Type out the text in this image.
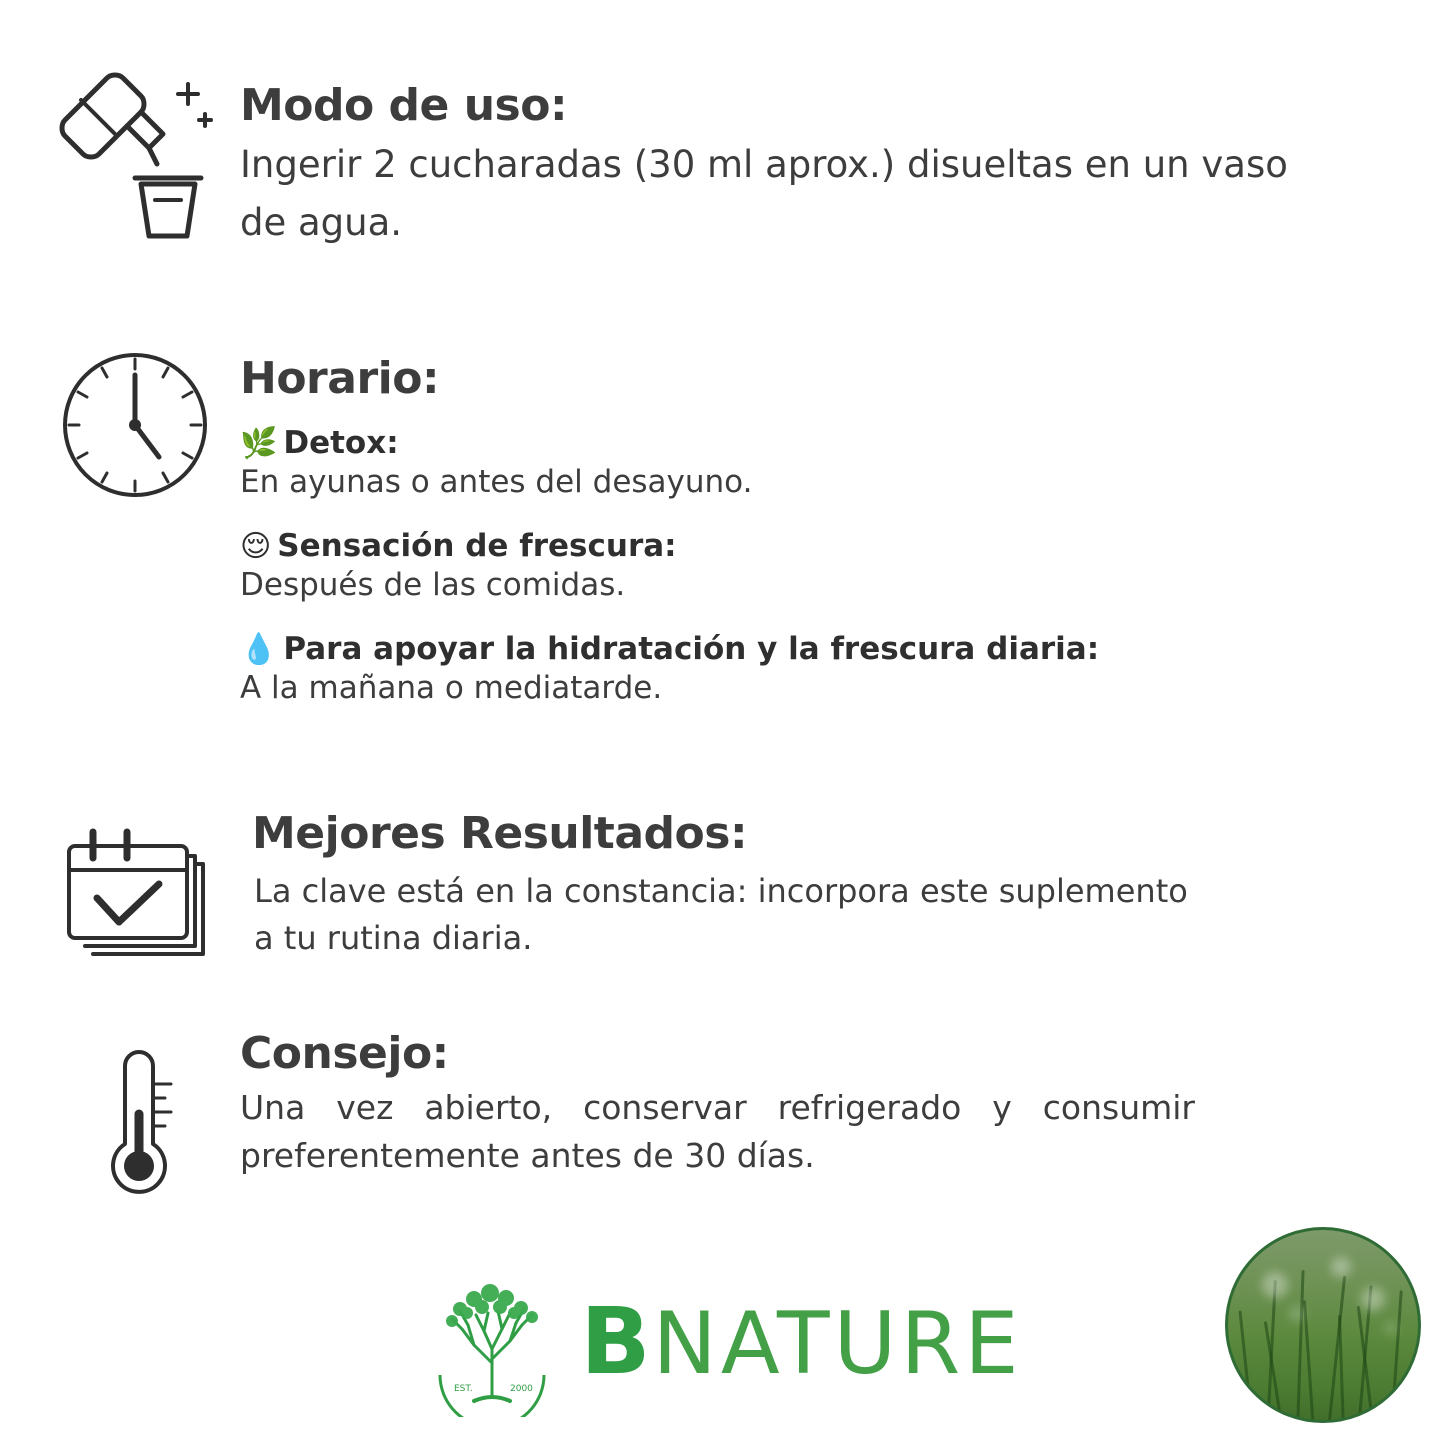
Modo de uso:
Ingerir 2 cucharadas (30 ml aprox.) disueltas en un vaso de agua.
Horario:
🌿 Detox:
En ayunas o antes del desayuno.
😌 Sensación de frescura:
Después de las comidas.
💧 Para apoyar la hidratación y la frescura diaria:
A la mañana o mediatarde.
Mejores Resultados:
La clave está en la constancia: incorpora este suplemento a tu rutina diaria.
Consejo:
Una vez abierto, conservar refrigerado y consumir preferentemente antes de 30 días.
EST.	2000 B NATURE
